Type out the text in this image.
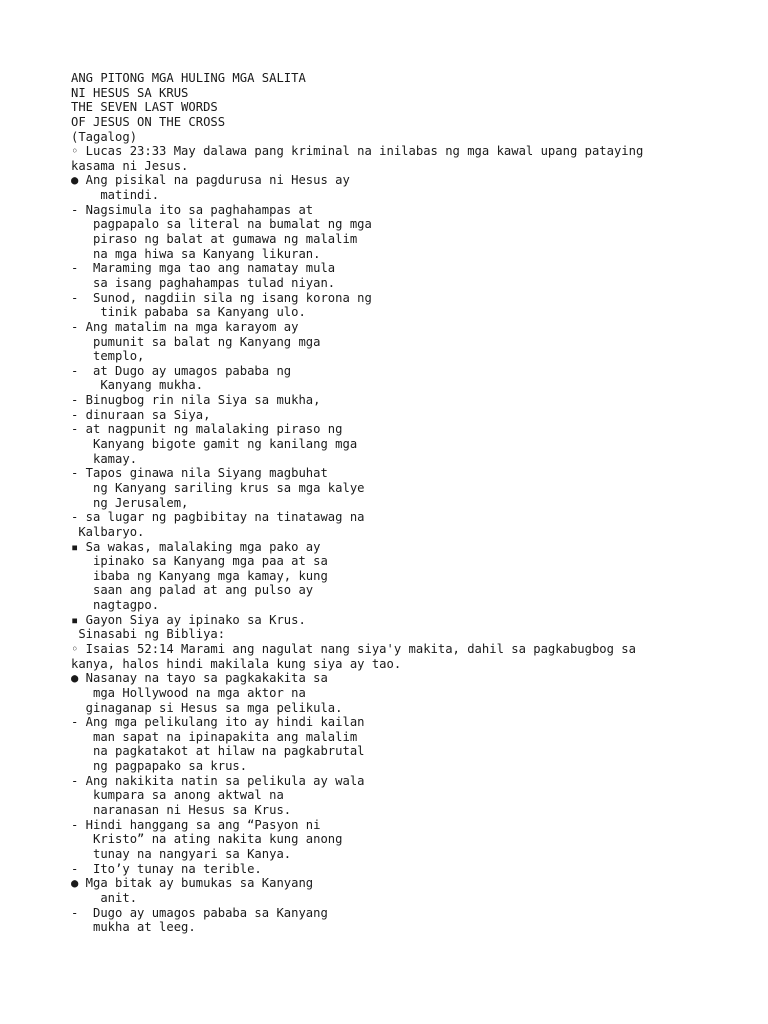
ANG PITONG MGA HULING MGA SALITA
NI HESUS SA KRUS
THE SEVEN LAST WORDS
OF JESUS ON THE CROSS
(Tagalog)
◦ Lucas 23:33 May dalawa pang kriminal na inilabas ng mga kawal upang pataying
kasama ni Jesus.
● Ang pisikal na pagdurusa ni Hesus ay
matindi.
- Nagsimula ito sa paghahampas at
pagpapalo sa literal na bumalat ng mga
piraso ng balat at gumawa ng malalim
na mga hiwa sa Kanyang likuran.
-  Maraming mga tao ang namatay mula
sa isang paghahampas tulad niyan.
-  Sunod, nagdiin sila ng isang korona ng
tinik pababa sa Kanyang ulo.
- Ang matalim na mga karayom ay
pumunit sa balat ng Kanyang mga
templo,
-  at Dugo ay umagos pababa ng
Kanyang mukha.
- Binugbog rin nila Siya sa mukha,
- dinuraan sa Siya,
- at nagpunit ng malalaking piraso ng
Kanyang bigote gamit ng kanilang mga
kamay.
- Tapos ginawa nila Siyang magbuhat
ng Kanyang sariling krus sa mga kalye
ng Jerusalem,
- sa lugar ng pagbibitay na tinatawag na
Kalbaryo.
▪ Sa wakas, malalaking mga pako ay
ipinako sa Kanyang mga paa at sa
ibaba ng Kanyang mga kamay, kung
saan ang palad at ang pulso ay
nagtagpo.
▪ Gayon Siya ay ipinako sa Krus.
Sinasabi ng Bibliya:
◦ Isaias 52:14 Marami ang nagulat nang siya'y makita, dahil sa pagkabugbog sa
kanya, halos hindi makilala kung siya ay tao.
● Nasanay na tayo sa pagkakakita sa
mga Hollywood na mga aktor na
ginaganap si Hesus sa mga pelikula.
- Ang mga pelikulang ito ay hindi kailan
man sapat na ipinapakita ang malalim
na pagkatakot at hilaw na pagkabrutal
ng pagpapako sa krus.
- Ang nakikita natin sa pelikula ay wala
kumpara sa anong aktwal na
naranasan ni Hesus sa Krus.
- Hindi hanggang sa ang “Pasyon ni
Kristo” na ating nakita kung anong
tunay na nangyari sa Kanya.
-  Ito’y tunay na terible.
● Mga bitak ay bumukas sa Kanyang
anit.
-  Dugo ay umagos pababa sa Kanyang
mukha at leeg.
